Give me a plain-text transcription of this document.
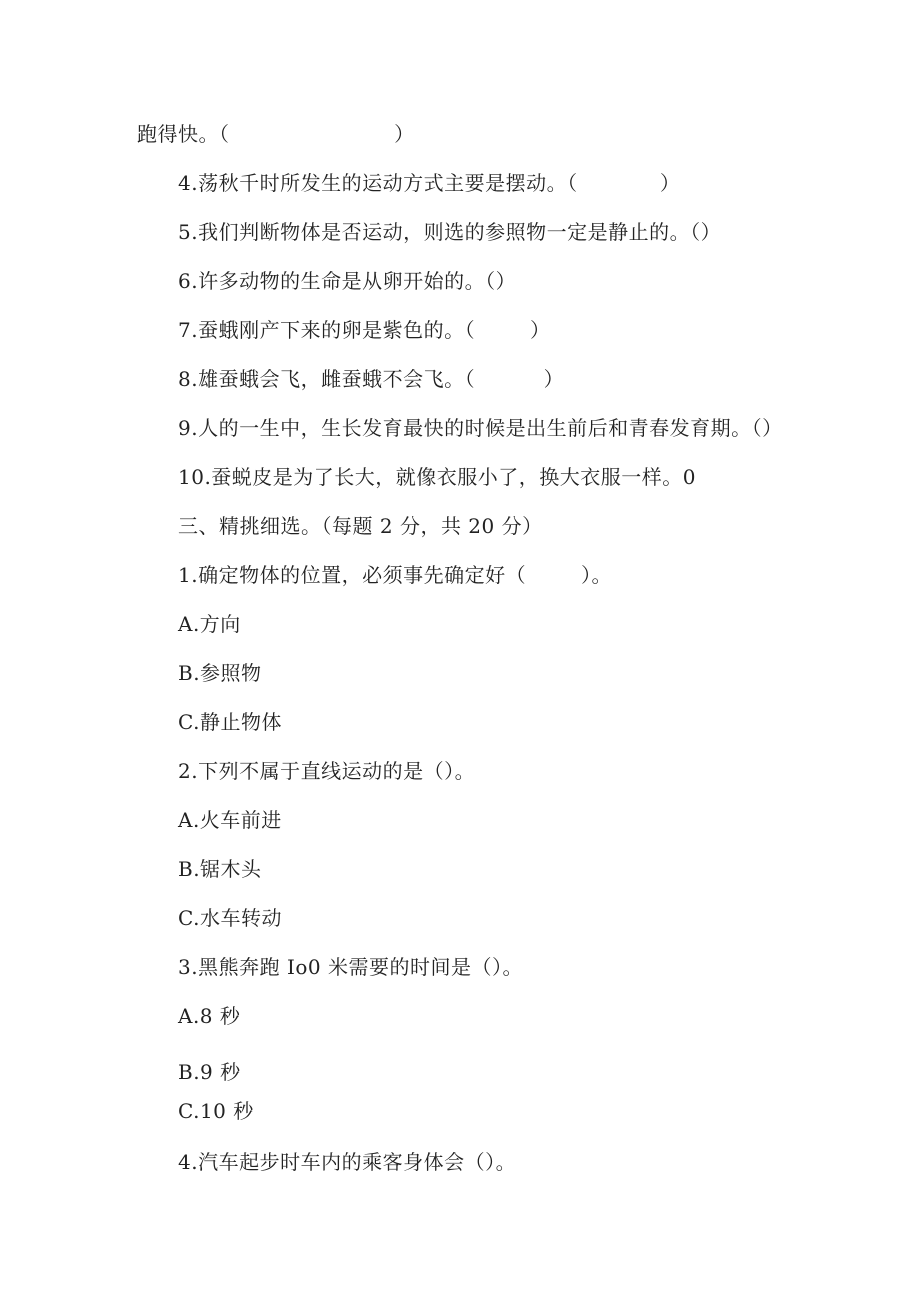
跑得快。（                        ）
4.荡秋千时所发生的运动方式主要是摆动。（            ）
5.我们判断物体是否运动，则选的参照物一定是静止的。（）
6.许多动物的生命是从卵开始的。（）
7.蚕蛾刚产下来的卵是紫色的。（        ）
8.雄蚕蛾会飞，雌蚕蛾不会飞。（          ）
9.人的一生中，生长发育最快的时候是出生前后和青春发育期。（）
10.蚕蜕皮是为了长大，就像衣服小了，换大衣服一样。0
三、精挑细选。（每题 2 分，共 20 分）
1.确定物体的位置，必须事先确定好（        ）。
A.方向
B.参照物
C.静止物体
2.下列不属于直线运动的是（）。
A.火车前进
B.锯木头
C.水车转动
3.黑熊奔跑 Io0 米需要的时间是（）。
A.8 秒
B.9 秒
C.10 秒
4.汽车起步时车内的乘客身体会（）。
